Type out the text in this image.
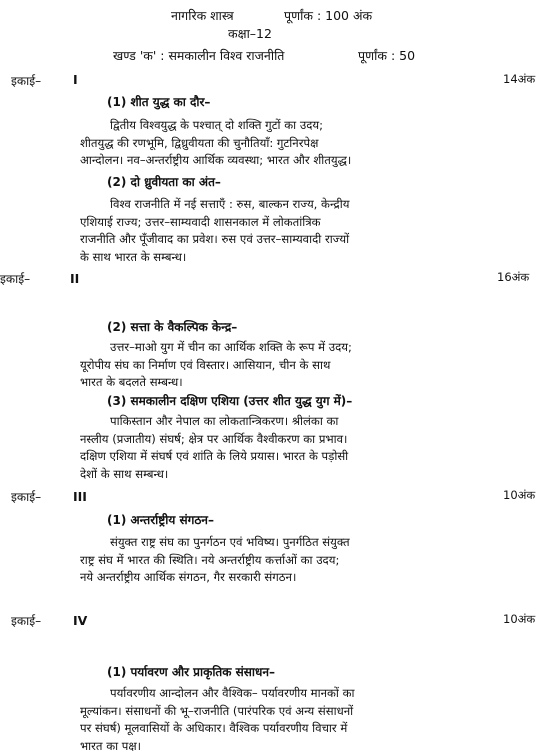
नागरिक शास्त्र	पूर्णांक : 100 अंक
कक्षा–12
खण्ड 'क' : समकालीन विश्व राजनीति	पूर्णांक : 50
इकाई–	I	14अंक
(1) शीत युद्ध का दौर–
द्वितीय विश्वयुद्ध के पश्चात् दो शक्ति गुटों का उदय;
शीतयुद्ध की रणभूमि, द्विध्रुवीयता की चुनौतियाँ: गुटनिरपेक्ष
आन्दोलन। नव–अन्तर्राष्ट्रीय आर्थिक व्यवस्था; भारत और शीतयुद्ध।
(2) दो ध्रुवीयता का अंत–
विश्व राजनीति में नई सत्ताएँ : रुस, बाल्कन राज्य, केन्द्रीय
एशियाई राज्य; उत्तर–साम्यवादी शासनकाल में लोकतांत्रिक
राजनीति और पूँजीवाद का प्रवेश। रुस एवं उत्तर–साम्यवादी राज्यों
के साथ भारत के सम्बन्ध।
इकाई–	II	16अंक
(2) सत्ता के वैकल्पिक केन्द्र–
उत्तर–माओ युग में चीन का आर्थिक शक्ति के रूप में उदय;
यूरोपीय संघ का निर्माण एवं विस्तार। आसियान, चीन के साथ
भारत के बदलते सम्बन्ध।
(3) समकालीन दक्षिण एशिया (उत्तर शीत युद्ध युग में)–
पाकिस्तान और नेपाल का लोकतान्त्रिकरण। श्रीलंका का
नस्लीय (प्रजातीय) संघर्ष; क्षेत्र पर आर्थिक वैश्वीकरण का प्रभाव।
दक्षिण एशिया में संघर्ष एवं शांति के लिये प्रयास। भारत के पड़ोसी
देशों के साथ सम्बन्ध।
इकाई–	III	10अंक
(1) अन्तर्राष्ट्रीय संगठन–
संयुक्त राष्ट्र संघ का पुनर्गठन एवं भविष्य। पुनर्गठित संयुक्त
राष्ट्र संघ में भारत की स्थिति। नये अन्तर्राष्ट्रीय कर्त्ताओं का उदय;
नये अन्तर्राष्ट्रीय आर्थिक संगठन, गैर सरकारी संगठन।
इकाई–	IV	10अंक
(1) पर्यावरण और प्राकृतिक संसाधन–
पर्यावरणीय आन्दोलन और वैश्विक– पर्यावरणीय मानकों का
मूल्यांकन। संसाधनों की भू–राजनीति (पारंपरिक एवं अन्य संसाधनों
पर संघर्ष) मूलवासियों के अधिकार। वैश्विक पर्यावरणीय विचार में
भारत का पक्ष।
